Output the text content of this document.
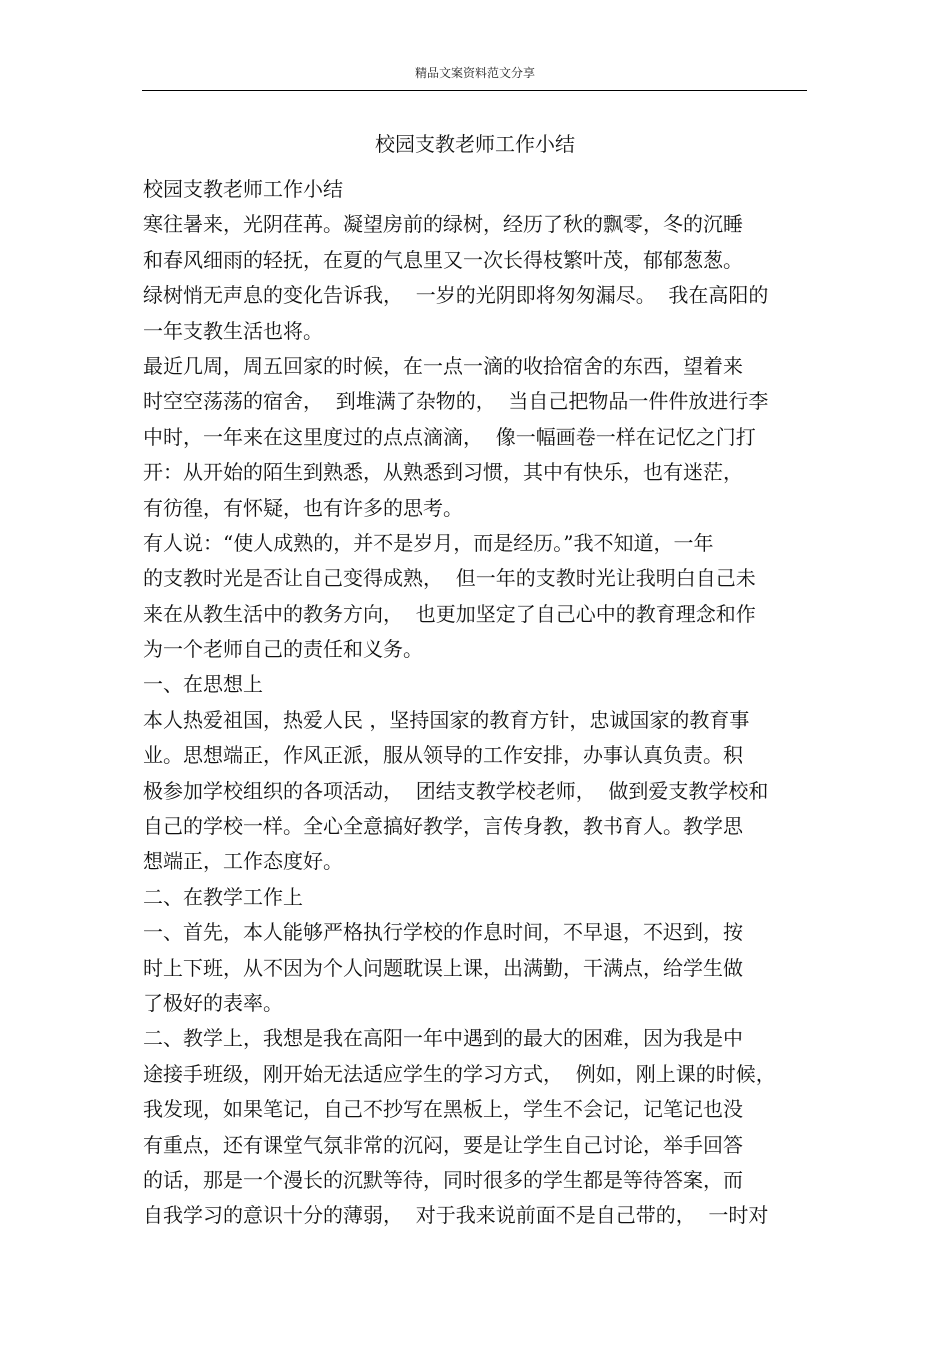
精品文案资料范文分享
校园支教老师工作小结
校园支教老师工作小结
寒往暑来，光阴荏苒。凝望房前的绿树，经历了秋的飘零，冬的沉睡
和春风细雨的轻抚，在夏的气息里又一次长得枝繁叶茂，郁郁葱葱。
绿树悄无声息的变化告诉我，  一岁的光阴即将匆匆漏尽。  我在高阳的
一年支教生活也将。
最近几周，周五回家的时候，在一点一滴的收拾宿舍的东西，望着来
时空空荡荡的宿舍，  到堆满了杂物的，  当自己把物品一件件放进行李
中时，一年来在这里度过的点点滴滴，  像一幅画卷一样在记忆之门打
开：从开始的陌生到熟悉，从熟悉到习惯，其中有快乐，也有迷茫，
有彷徨，有怀疑，也有许多的思考。
有人说：“使人成熟的，并不是岁月，而是经历。”我不知道，一年
的支教时光是否让自己变得成熟，  但一年的支教时光让我明白自己未
来在从教生活中的教务方向，  也更加坚定了自己心中的教育理念和作
为一个老师自己的责任和义务。
一、在思想上
本人热爱祖国，热爱人民 ，坚持国家的教育方针，忠诚国家的教育事
业。思想端正，作风正派，服从领导的工作安排，办事认真负责。积
极参加学校组织的各项活动，  团结支教学校老师，  做到爱支教学校和
自己的学校一样。全心全意搞好教学，言传身教，教书育人。教学思
想端正，工作态度好。
二、在教学工作上
一、首先，本人能够严格执行学校的作息时间，不早退，不迟到，按
时上下班，从不因为个人问题耽误上课，出满勤，干满点，给学生做
了极好的表率。
二、教学上，我想是我在高阳一年中遇到的最大的困难，因为我是中
途接手班级，刚开始无法适应学生的学习方式，  例如，刚上课的时候，
我发现，如果笔记，自己不抄写在黑板上，学生不会记，记笔记也没
有重点，还有课堂气氛非常的沉闷，要是让学生自己讨论，举手回答
的话，那是一个漫长的沉默等待，同时很多的学生都是等待答案，而
自我学习的意识十分的薄弱，  对于我来说前面不是自己带的，  一时对
